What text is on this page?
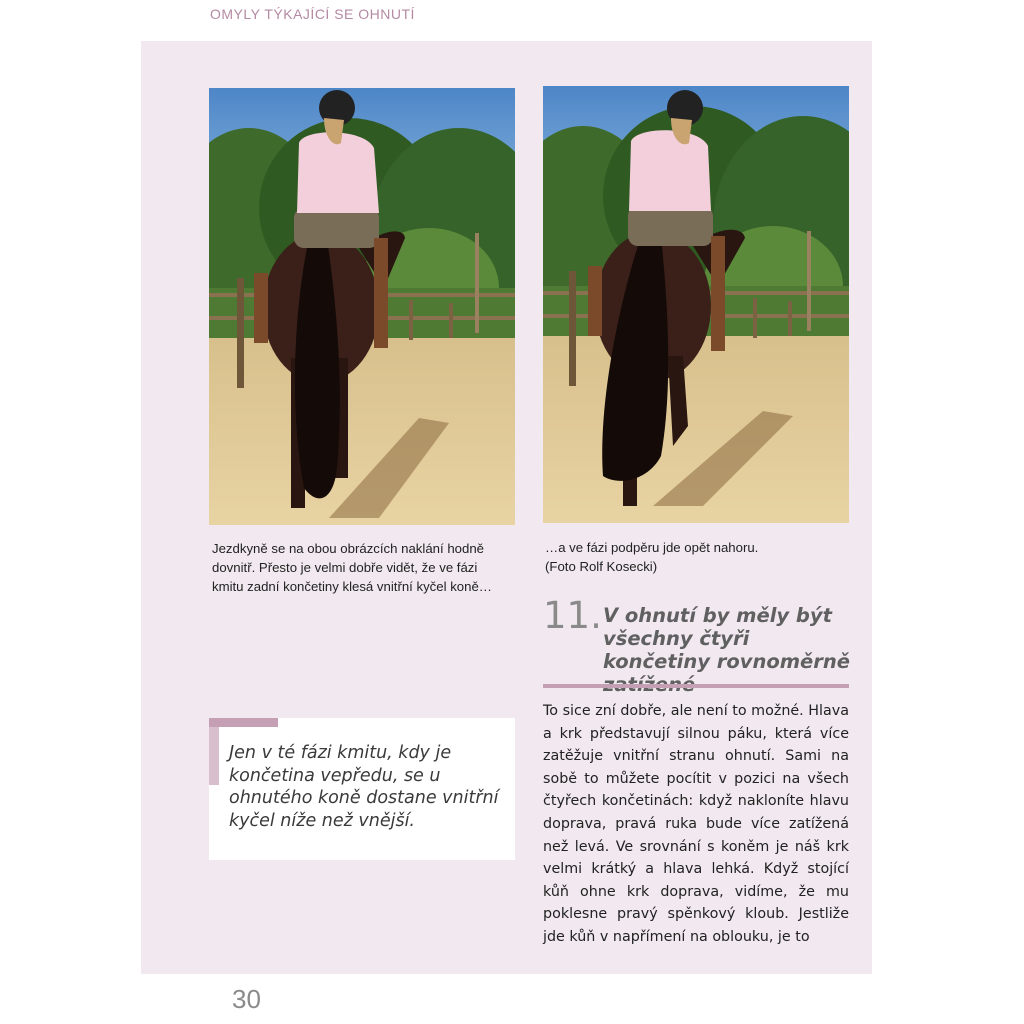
OMYLY TÝKAJÍCÍ SE OHNUTÍ

Jezdkyně se na obou obrázcích naklání hodně dovnitř. Přesto je velmi dobře vidět, že ve fázi kmitu zadní končetiny klesá vnitřní kyčel koně…

…a ve fázi podpěru jde opět nahoru.
(Foto Rolf Kosecki)
11. V ohnutí by měly být všechny čtyři končetiny rovnoměrně

To sice zní dobře, ale není to možné. Hlava a krk představují silnou páku, která více zatěžuje vnitřní stranu ohnutí. Sami na sobě to můžete pocítit v pozici na všech čtyřech končetinách: když nakloníte hlavu doprava, pravá ruka bude více zatížená než levá. Ve srovnání s koněm je náš krk velmi krátký a hlava lehká. Když stojící kůň ohne krk doprava, vidíme, že mu poklesne pravý spěnkový kloub. Jestliže jde kůň v napřímení na oblouku, je to

Jen v té fázi kmitu, kdy je končetina vepředu, se u ohnutého koně dostane vnitřní kyčel níže než vnější.

30
